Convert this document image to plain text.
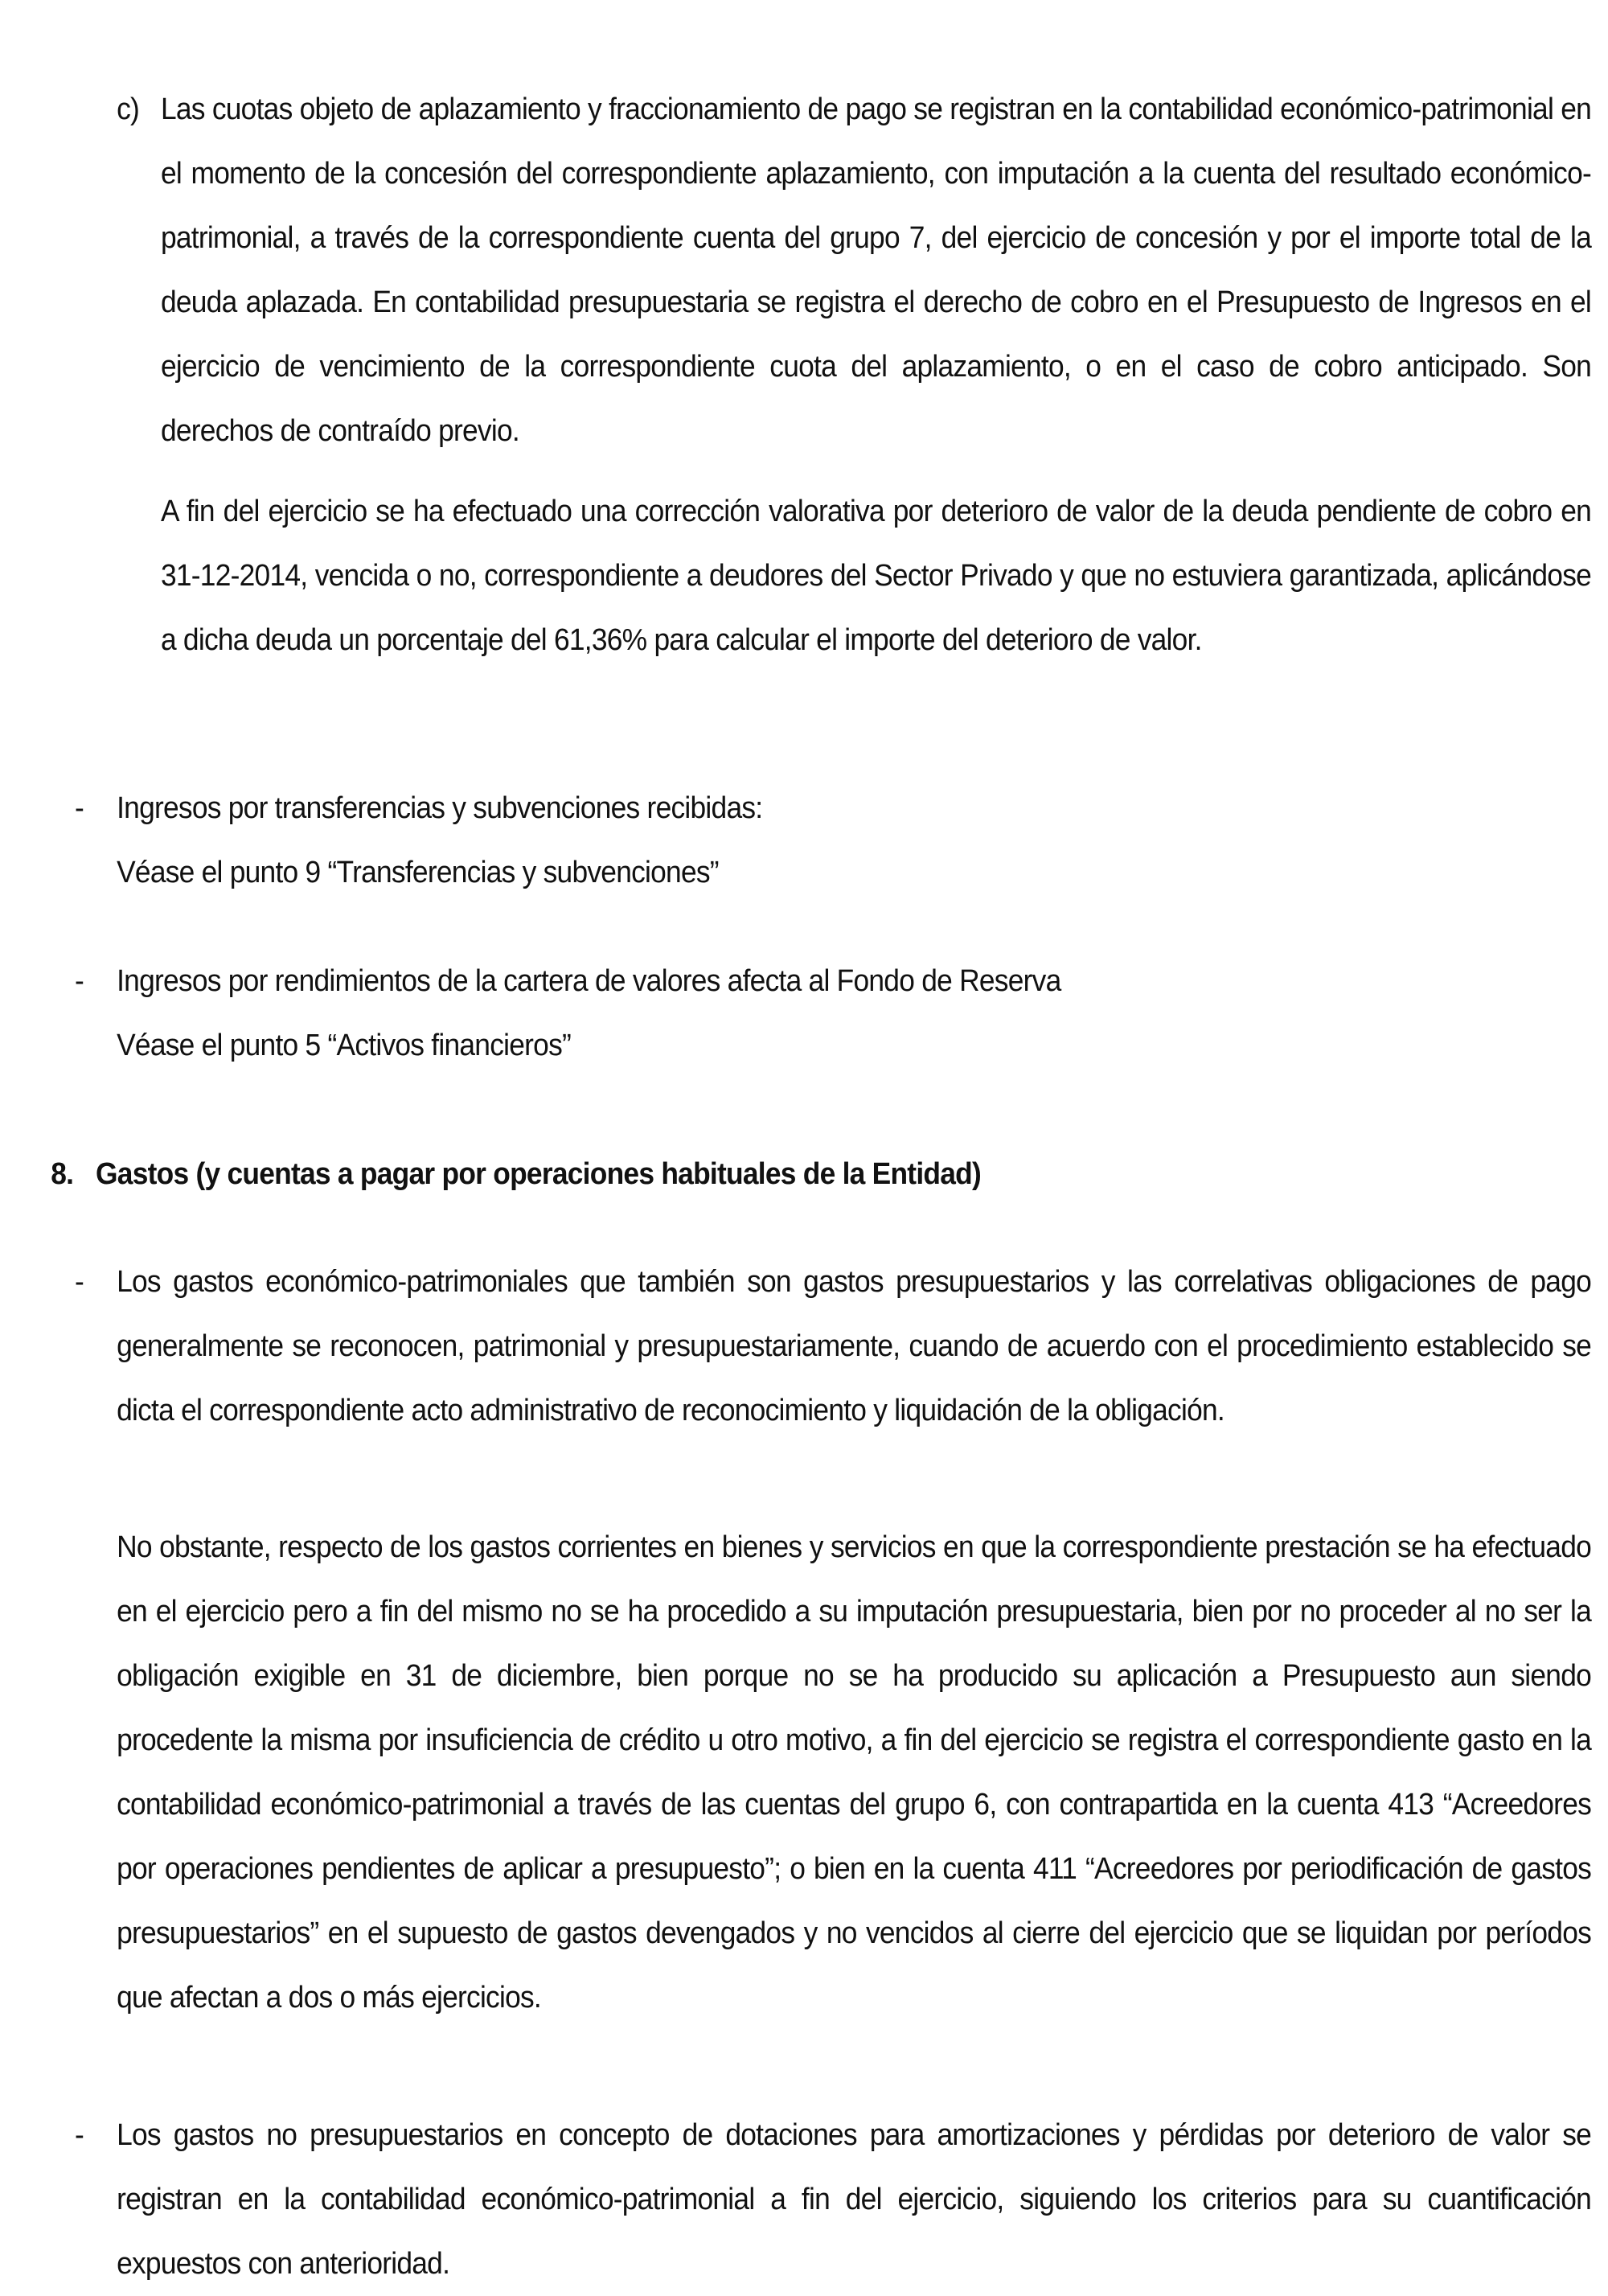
c) Las cuotas objeto de aplazamiento y fraccionamiento de pago se registran en la contabilidad económico-patrimonial en el momento de la concesión del correspondiente aplazamiento, con imputación a la cuenta del resultado económico-patrimonial, a través de la correspondiente cuenta del grupo 7, del ejercicio de concesión y por el importe total de la deuda aplazada. En contabilidad presupuestaria se registra el derecho de cobro en el Presupuesto de Ingresos en el ejercicio de vencimiento de la correspondiente cuota del aplazamiento, o en el caso de cobro anticipado. Son derechos de contraído previo.

A fin del ejercicio se ha efectuado una corrección valorativa por deterioro de valor de la deuda pendiente de cobro en 31-12-2014, vencida o no, correspondiente a deudores del Sector Privado y que no estuviera garantizada, aplicándose a dicha deuda un porcentaje del 61,36% para calcular el importe del deterioro de valor.

- Ingresos por transferencias y subvenciones recibidas:

Véase el punto 9 “Transferencias y subvenciones”

- Ingresos por rendimientos de la cartera de valores afecta al Fondo de Reserva

Véase el punto 5 “Activos financieros”

8. Gastos (y cuentas a pagar por operaciones habituales de la Entidad)
- Los gastos económico-patrimoniales que también son gastos presupuestarios y las correlativas obligaciones de pago generalmente se reconocen, patrimonial y presupuestariamente, cuando de acuerdo con el procedimiento establecido se dicta el correspondiente acto administrativo de reconocimiento y liquidación de la obligación.

No obstante, respecto de los gastos corrientes en bienes y servicios en que la correspondiente prestación se ha efectuado en el ejercicio pero a fin del mismo no se ha procedido a su imputación presupuestaria, bien por no proceder al no ser la obligación exigible en 31 de diciembre, bien porque no se ha producido su aplicación a Presupuesto aun siendo procedente la misma por insuficiencia de crédito u otro motivo, a fin del ejercicio se registra el correspondiente gasto en la contabilidad económico-patrimonial a través de las cuentas del grupo 6, con contrapartida en la cuenta 413 “Acreedores por operaciones pendientes de aplicar a presupuesto”; o bien en la cuenta 411 “Acreedores por periodificación de gastos presupuestarios” en el supuesto de gastos devengados y no vencidos al cierre del ejercicio que se liquidan por períodos que afectan a dos o más ejercicios.

- Los gastos no presupuestarios en concepto de dotaciones para amortizaciones y pérdidas por deterioro de valor se registran en la contabilidad económico-patrimonial a fin del ejercicio, siguiendo los criterios para su cuantificación expuestos con anterioridad.
